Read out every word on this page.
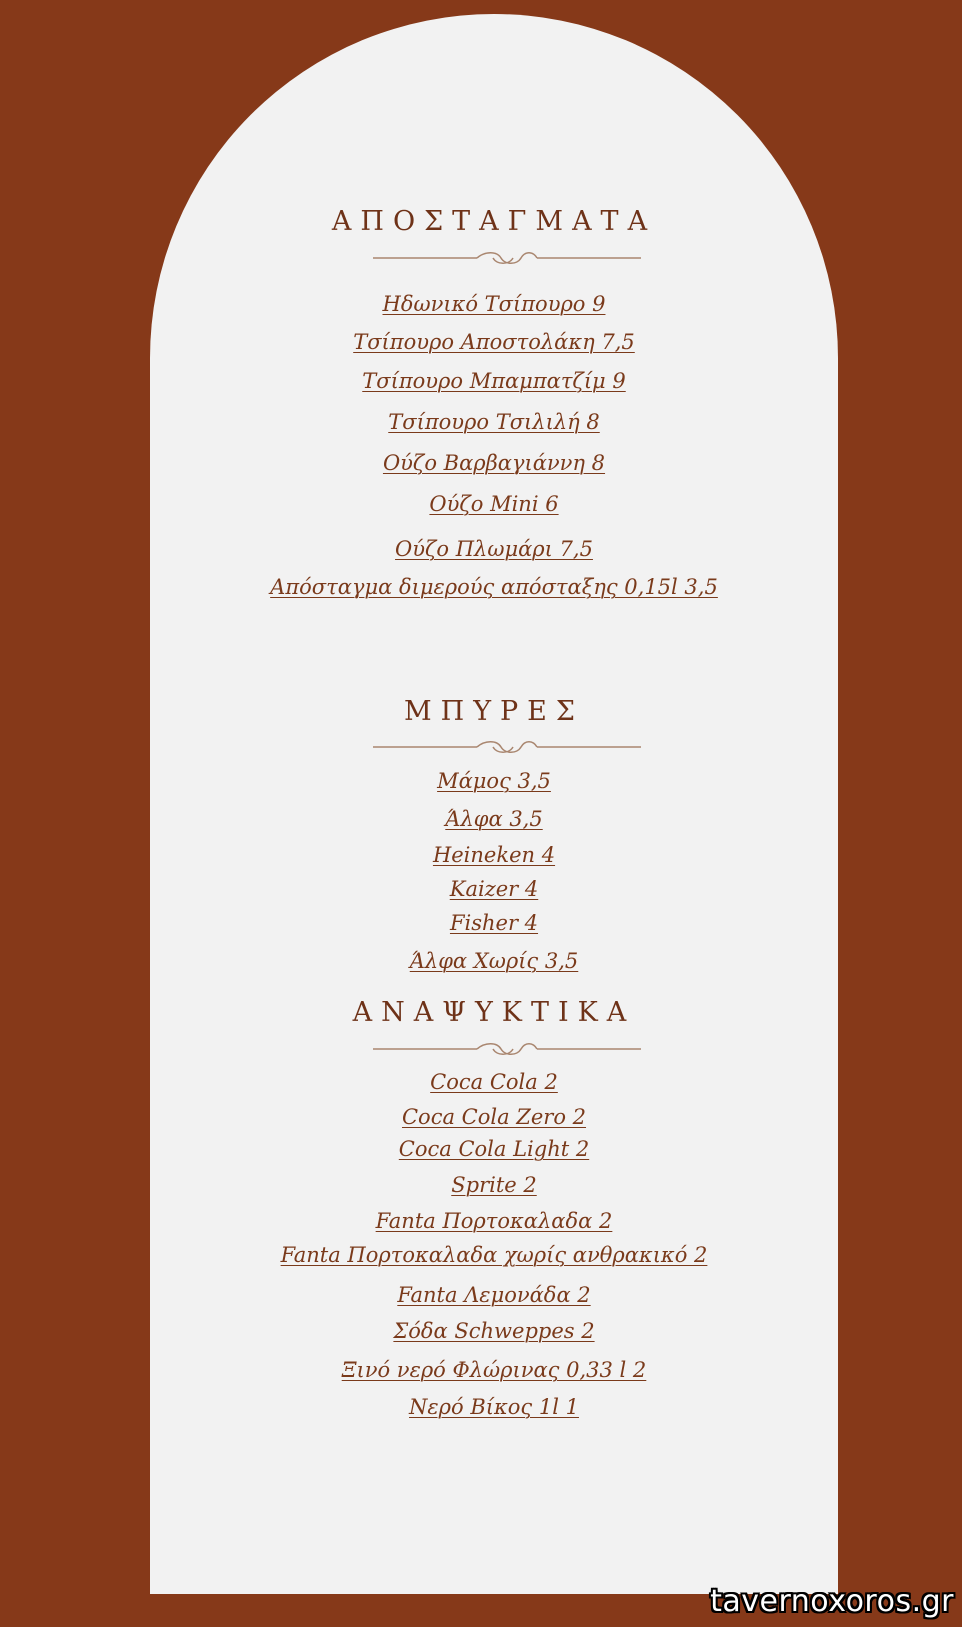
ΑΠΟΣΤΑΓΜΑΤΑ
Ηδωνικό Τσίπουρο 9
Τσίπουρο Αποστολάκη 7,5
Τσίπουρο Μπαμπατζίμ 9
Τσίπουρο Τσιλιλή 8
Ούζο Βαρβαγιάννη 8
Ούζο Mini 6
Ούζο Πλωμάρι 7,5
Απόσταγμα διμερούς απόσταξης 0,15l 3,5
ΜΠΥΡΕΣ
Μάμος 3,5
Άλφα 3,5
Heineken 4
Kaizer 4
Fisher 4
Άλφα Χωρίς 3,5
ΑΝΑΨΥΚΤΙΚΑ
Coca Cola 2
Coca Cola Zero 2
Coca Cola Light 2
Sprite 2
Fanta Πορτοκαλαδα 2
Fanta Πορτοκαλαδα χωρίς ανθρακικό 2
Fanta Λεμονάδα 2
Σόδα Schweppes 2
Ξινό νερό Φλώρινας 0,33 l 2
Νερό Βίκος 1l 1
tavernoxoros.gr
